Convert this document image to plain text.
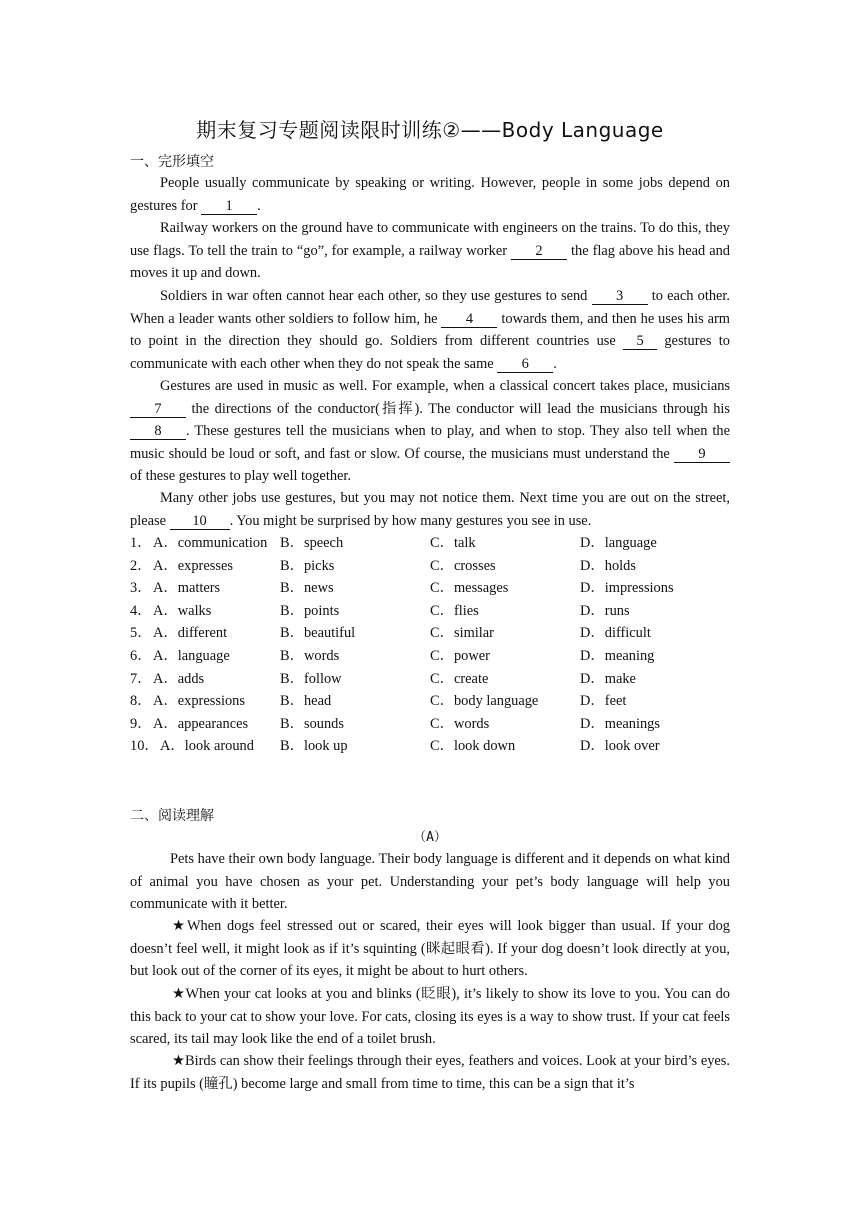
期末复习专题阅读限时训练②——Body Language
一、完形填空
People usually communicate by speaking or writing. However, people in some jobs depend on gestures for 1 .
Railway workers on the ground have to communicate with engineers on the trains. To do this, they use flags. To tell the train to “go”, for example, a railway worker 2 the flag above his head and moves it up and down.
Soldiers in war often cannot hear each other, so they use gestures to send 3 to each other. When a leader wants other soldiers to follow him, he 4 towards them, and then he uses his arm to point in the direction they should go. Soldiers from different countries use 5 gestures to communicate with each other when they do not speak the same 6 .
Gestures are used in music as well. For example, when a classical concert takes place, musicians 7 the directions of the conductor(指挥). The conductor will lead the musicians through his 8 . These gestures tell the musicians when to play, and when to stop. They also tell when the music should be loud or soft, and fast or slow. Of course, the musicians must understand the 9 of these gestures to play well together.
Many other jobs use gestures, but you may not notice them. Next time you are out on the street, please 10 . You might be surprised by how many gestures you see in use.
1． A．communication B．speech	C．talk	D．language
2． A．expresses	B．picks	C．crosses	D．holds
3． A．matters	B．news	C．messages	D．impressions
4． A．walks	B．points	C．flies	D．runs
5． A．different	B．beautiful	C．similar	D．difficult
6． A．language	B．words	C．power	D．meaning
7． A．adds	B．follow	C．create	D．make
8． A．expressions B．head	C．body language	D．feet
9． A．appearances B．sounds	C．words	D．meanings
10． A．look around B．look up	C．look down	D．look over
二、阅读理解
（A）
Pets have their own body language. Their body language is different and it depends on what kind of animal you have chosen as your pet. Understanding your pet’s body language will help you communicate with it better.
★When dogs feel stressed out or scared, their eyes will look bigger than usual. If your dog doesn’t feel well, it might look as if it’s squinting (眯起眼看). If your dog doesn’t look directly at you, but look out of the corner of its eyes, it might be about to hurt others.
★When your cat looks at you and blinks (眨眼), it’s likely to show its love to you. You can do this back to your cat to show your love. For cats, closing its eyes is a way to show trust. If your cat feels scared, its tail may look like the end of a toilet brush.
★Birds can show their feelings through their eyes, feathers and voices. Look at your bird’s eyes. If its pupils (瞳孔) become large and small from time to time, this can be a sign that it’s
